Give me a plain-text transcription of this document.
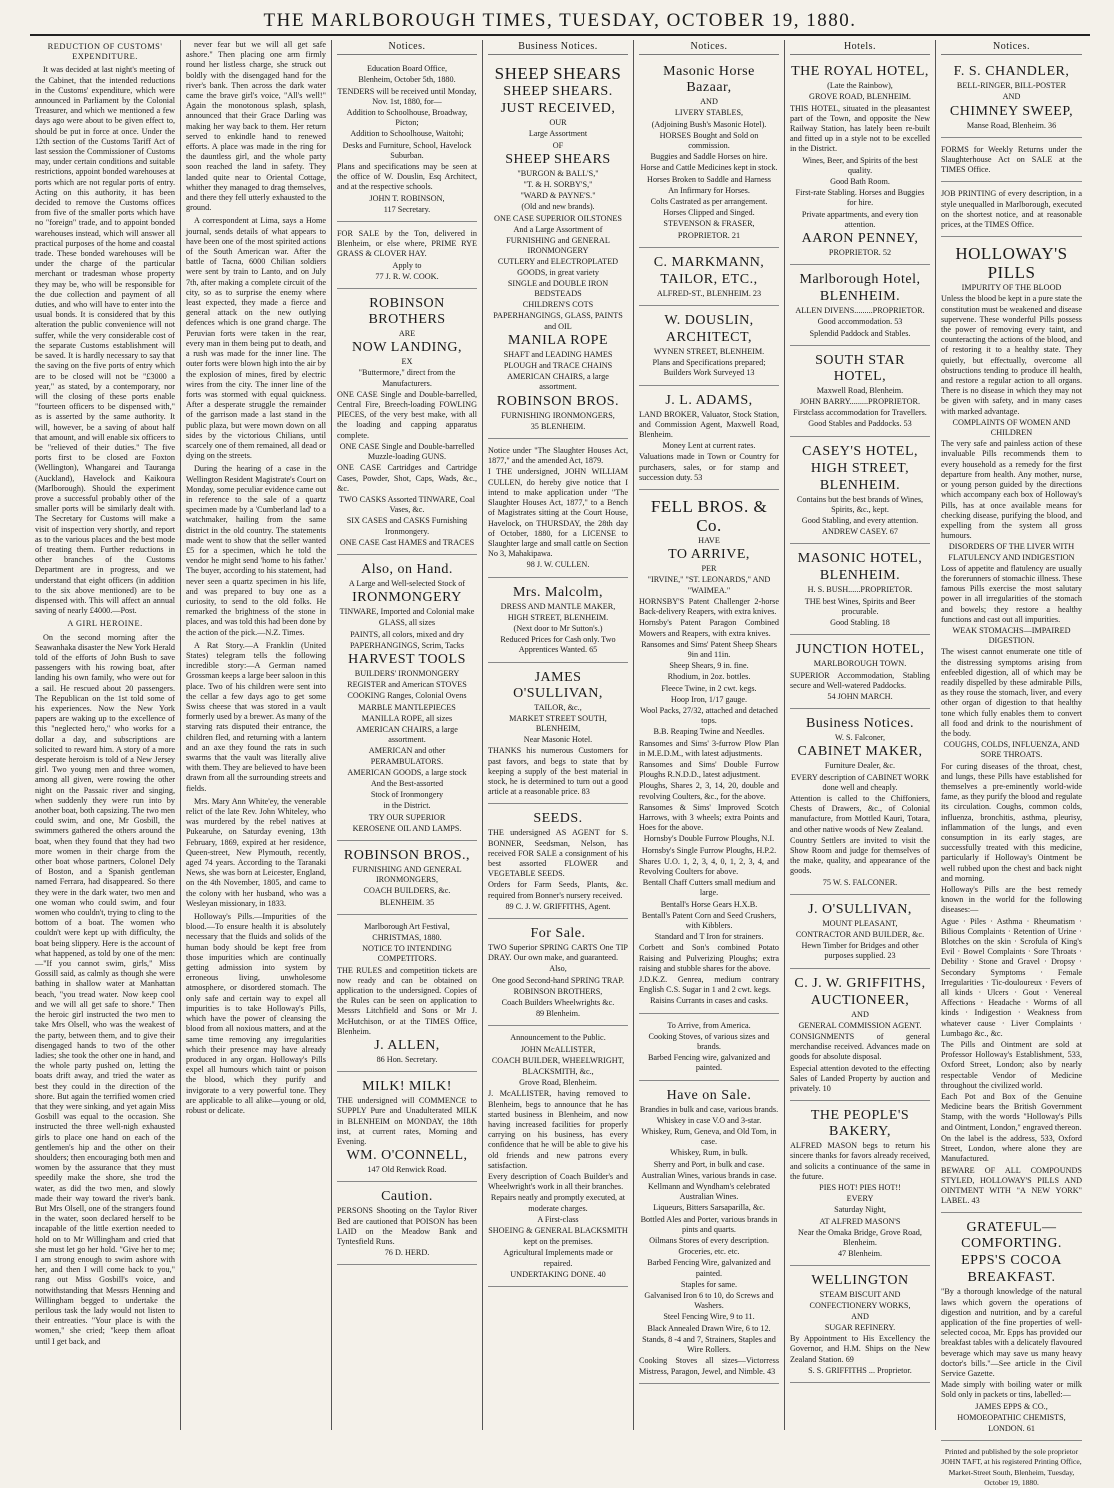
THE MARLBOROUGH TIMES, TUESDAY, OCTOBER 19, 1880.
REDUCTION OF CUSTOMS' EXPENDITURE.

It was decided at last night's meeting of the Cabinet, that the intended reductions in the Customs' expenditure, which were announced in Parliament by the Colonial Treasurer, and which we mentioned a few days ago were about to be given effect to, should be put in force at once. Under the 12th section of the Customs Tariff Act of last session the Commissioner of Customs may, under certain conditions and suitable restrictions, appoint bonded warehouses at ports which are not regular ports of entry. Acting on this authority, it has been decided to remove the Customs offices from five of the smaller ports which have no "foreign" trade, and to appoint bonded warehouses instead, which will answer all practical purposes of the home and coastal trade. These bonded warehouses will be under the charge of the particular merchant or tradesman whose property they may be, who will be responsible for the due collection and payment of all duties, and who will have to enter into the usual bonds. It is considered that by this alteration the public convenience will not suffer, while the very considerable cost of the separate Customs establishment will be saved. It is hardly necessary to say that the saving on the five ports of entry which are to be closed will not be "£3000 a year," as stated, by a contemporary, nor will the closing of these ports enable "fourteen officers to be dispensed with," as is asserted by the same authority. It will, however, be a saving of about half that amount, and will enable six officers to be "relieved of their duties." The five ports first to be closed are Foxton (Wellington), Whangarei and Tauranga (Auckland), Havelock and Kaikoura (Marlborough). Should the experiment prove a successful probably other of the smaller ports will be similarly dealt with. The Secretary for Customs will make a visit of inspection very shortly, and report as to the various places and the best mode of treating them. Further reductions in other branches of the Customs Department are in progress, and we understand that eight officers (in addition to the six above mentioned) are to be dispensed with. This will affect an annual saving of nearly £4000.—Post.

A GIRL HEROINE.

On the second morning after the Seawanhaka disaster the New York Herald told of the efforts of John Bush to save passengers with his rowing boat, after landing his own family, who were out for a sail. He rescued about 20 passengers. The Republican on the 1st told some of his experiences. Now the New York papers are waking up to the excellence of this "neglected hero," who works for a dollar a day, and subscriptions are solicited to reward him. A story of a more desperate heroism is told of a New Jersey girl. Two young men and three women, among all given, were rowing the other night on the Passaic river and singing, when suddenly they were run into by another boat, both capsizing. The two men could swim, and one, Mr Gosbill, the swimmers gathered the others around the boat, when they found that they had two more women in their charge from the other boat whose partners, Colonel Dely of Boston, and a Spanish gentleman named Ferrara, had disappeared. So there they were in the dark water, two men and one woman who could swim, and four women who couldn't, trying to cling to the bottom of a boat. The women who couldn't were kept up with difficulty, the boat being slippery. Here is the account of what happened, as told by one of the men:—"If you cannot swim, girls," Miss Gossill said, as calmly as though she were bathing in shallow water at Manhattan beach, "you tread water. Now keep cool and we will all get safe to shore." Then the heroic girl instructed the two men to take Mrs Olsell, who was the weakest of the party, between them, and to give their disengaged hands to two of the other ladies; she took the other one in hand, and the whole party pushed on, letting the boats drift away, and tried the water as best they could in the direction of the shore. But again the terrified women cried that they were sinking, and yet again Miss Gosbill was equal to the occasion. She instructed the three well-nigh exhausted girls to place one hand on each of the gentlemen's hip and the other on their shoulders; then encouraging both men and women by the assurance that they must speedily make the shore, she trod the water, as did the two men, and slowly made their way toward the river's bank. But Mrs Olsell, one of the strangers found in the water, soon declared herself to be incapable of the little exertion needed to hold on to Mr Willingham and cried that she must let go her hold. "Give her to me; I am strong enough to swim ashore with her, and then I will come back to you," rang out Miss Gosbill's voice, and notwithstanding that Messrs Henning and Willingham begged to undertake the perilous task the lady would not listen to their entreaties. "Your place is with the women," she cried; "keep them afloat until I get back, and

never fear but we will all get safe ashore." Then placing one arm firmly round her listless charge, she struck out boldly with the disengaged hand for the river's bank. Then across the dark water came the brave girl's voice, "All's well!" Again the monotonous splash, splash, announced that their Grace Darling was making her way back to them. Her return served to enkindle hand to renewed efforts. A place was made in the ring for the dauntless girl, and the whole party soon reached the land in safety. They landed quite near to Oriental Cottage, whither they managed to drag themselves, and there they fell utterly exhausted to the ground.

A correspondent at Lima, says a Home journal, sends details of what appears to have been one of the most spirited actions of the South American war. After the battle of Tacna, 6000 Chilian soldiers were sent by train to Lanto, and on July 7th, after making a complete circuit of the city, so as to surprise the enemy where least expected, they made a fierce and general attack on the new outlying defences which is one grand charge. The Peruvian forts were taken in the rear, every man in them being put to death, and a rush was made for the inner line. The outer forts were blown high into the air by the explosion of mines, fired by electric wires from the city. The inner line of the forts was stormed with equal quickness. After a desperate struggle the remainder of the garrison made a last stand in the public plaza, but were mown down on all sides by the victorious Chilians, until scarcely one of them remained, all dead or dying on the streets.

During the hearing of a case in the Wellington Resident Magistrate's Court on Monday, some peculiar evidence came out in reference to the sale of a quartz specimen made by a 'Cumberland lad' to a watchmaker, hailing from the same district in the old country. The statements made went to show that the seller wanted £5 for a specimen, which he told the vendor he might send 'home to his father.' The buyer, according to his statement, had never seen a quartz specimen in his life, and was prepared to buy one as a curiosity, to send to the old folks. He remarked the brightness of the stone in places, and was told this had been done by the action of the pick.—N.Z. Times.

A Rat Story.—A Franklin (United States) telegram tells the following incredible story:—A German named Grossman keeps a large beer saloon in this place. Two of his children were sent into the cellar a few days ago to get some Swiss cheese that was stored in a vault formerly used by a brewer. As many of the starving rats disputed their entrance, the children fled, and returning with a lantern and an axe they found the rats in such swarms that the vault was literally alive with them. They are believed to have been drawn from all the surrounding streets and fields.

Mrs. Mary Ann White'ey, the venerable relict of the late Rev. John Whiteley, who was murdered by the rebel natives at Pukearuhe, on Saturday evening, 13th February, 1869, expired at her residence, Queen-street, New Plymouth, recently, aged 74 years. According to the Taranaki News, she was born at Leicester, England, on the 4th November, 1805, and came to the colony with her husband, who was a Wesleyan missionary, in 1833.

Holloway's Pills.—Impurities of the blood.—To ensure health it is absolutely necessary that the fluids and solids of the human body should be kept free from those impurities which are continually getting admission into system by erroneous living, unwholesome atmosphere, or disordered stomach. The only safe and certain way to expel all impurities is to take Holloway's Pills, which have the power of cleansing the blood from all noxious matters, and at the same time removing any irregularities which their presence may have already produced in any organ. Holloway's Pills expel all humours which taint or poison the blood, which they purify and invigorate to a very powerful tone. They are applicable to all alike—young or old, robust or delicate.

Notices.
Education Board Office,
Blenheim, October 5th, 1880.
TENDERS will be received until Monday, Nov. 1st, 1880, for—
Addition to Schoolhouse, Broadway, Picton;
Addition to Schoolhouse, Waitohi;
Desks and Furniture, School, Havelock Suburban.
Plans and specifications may be seen at the office of W. Douslin, Esq Architect, and at the respective schools.
JOHN T. ROBINSON,
117 Secretary.
FOR SALE by the Ton, delivered in Blenheim, or else where, PRIME RYE GRASS & CLOVER HAY.
Apply to
77 J. R. W. COOK.
ROBINSON BROTHERS
ARE
NOW LANDING,
EX
"Buttermore," direct from the Manufacturers.
ONE CASE Single and Double-barrelled, Central Fire, Breech-loading FOWLING PIECES, of the very best make, with all the loading and capping apparatus complete.
ONE CASE Single and Double-barrelled Muzzle-loading GUNS.
ONE CASE Cartridges and Cartridge Cases, Powder, Shot, Caps, Wads, &c., &c.
TWO CASKS Assorted TINWARE, Coal Vases, &c.
SIX CASES and CASKS Furnishing Ironmongery.
ONE CASE Cast HAMES and TRACES
Also, on Hand.
A Large and Well-selected Stock of
IRONMONGERY
TINWARE, Imported and Colonial make
GLASS, all sizes
PAINTS, all colors, mixed and dry
PAPERHANGINGS, Scrim, Tacks
HARVEST TOOLS
BUILDERS' IRONMONGERY
REGISTER and American STOVES
COOKING Ranges, Colonial Ovens
MARBLE MANTLEPIECES
MANILLA ROPE, all sizes
AMERICAN CHAIRS, a large assortment.
AMERICAN and other PERAMBULATORS.
AMERICAN GOODS, a large stock
And the Best-assorted
Stock of Ironmongery
in the District.
TRY OUR SUPERIOR
KEROSENE OIL AND LAMPS.
ROBINSON BROS.,
FURNISHING AND GENERAL IRONMONGERS,
COACH BUILDERS, &c.
BLENHEIM. 35
Marlborough Art Festival,
CHRISTMAS, 1880.
NOTICE TO INTENDING COMPETITORS.
THE RULES and competition tickets are now ready and can be obtained on application to the undersigned. Copies of the Rules can be seen on application to Messrs Litchfield and Sons or Mr J. McHutchison, or at the TIMES Office, Blenheim.
J. ALLEN,
86 Hon. Secretary.
MILK! MILK!
THE undersigned will COMMENCE to SUPPLY Pure and Unadulterated MILK in BLENHEIM on MONDAY, the 18th inst, at current rates, Morning and Evening.
WM. O'CONNELL,
147 Old Renwick Road.
Caution.
PERSONS Shooting on the Taylor River Bed are cautioned that POISON has been LAID on the Meadow Bank and Tyntesfield Runs.
76 D. HERD.
Business Notices.
SHEEP SHEARS
SHEEP SHEARS.
JUST RECEIVED,
OUR
Large Assortment
OF
SHEEP SHEARS
"BURGON & BALL'S,"
"T. & H. SORBY'S,"
"WARD & PAYNE'S."
(Old and new brands).
ONE CASE SUPERIOR OILSTONES
And a Large Assortment of
FURNISHING and GENERAL IRONMONGERY
CUTLERY and ELECTROPLATED GOODS, in great variety
SINGLE and DOUBLE IRON BEDSTEADS
CHILDREN'S COTS
PAPERHANGINGS, GLASS, PAINTS and OIL
MANILA ROPE
SHAFT and LEADING HAMES
PLOUGH and TRACE CHAINS
AMERICAN CHAIRS, a large assortment.
ROBINSON BROS.
FURNISHING IRONMONGERS,
35 BLENHEIM.
Notice under "The Slaughter Houses Act, 1877," and the amended Act, 1879.
I THE undersigned, JOHN WILLIAM CULLEN, do hereby give notice that I intend to make application under "The Slaughter Houses Act, 1877," to a Bench of Magistrates sitting at the Court House, Havelock, on THURSDAY, the 28th day of October, 1880, for a LICENSE to Slaughter large and small cattle on Section No 3, Mahakipawa.
98 J. W. CULLEN.
Mrs. Malcolm,
DRESS AND MANTLE MAKER,
HIGH STREET, BLENHEIM.
(Next door to Mr Sutton's.)
Reduced Prices for Cash only. Two Apprentices Wanted. 65
JAMES O'SULLIVAN,
TAILOR, &c.,
MARKET STREET SOUTH, BLENHEIM,
Near Masonic Hotel.
THANKS his numerous Customers for past favors, and begs to state that by keeping a supply of the best material in stock, he is determined to turn out a good article at a reasonable price. 83
SEEDS.
THE undersigned AS AGENT for S. BONNER, Seedsman, Nelson, has received FOR SALE a consignment of his best assorted FLOWER and VEGETABLE SEEDS.
Orders for Farm Seeds, Plants, &c. required from Bonner's nursery received.
89 C. J. W. GRIFFITHS, Agent.
For Sale.
TWO Superior SPRING CARTS One TIP DRAY. Our own make, and guaranteed.
Also,
One good Second-hand SPRING TRAP.
ROBINSON BROTHERS,
Coach Builders Wheelwrights &c.
89 Blenheim.
Announcement to the Public.
JOHN McALLISTER,
COACH BUILDER, WHEELWRIGHT,
BLACKSMITH, &c.,
Grove Road, Blenheim.
J. McALLISTER, having removed to Blenheim, begs to announce that he has started business in Blenheim, and now having increased facilities for properly carrying on his business, has every confidence that he will be able to give his old friends and new patrons every satisfaction.
Every description of Coach Builder's and Wheelwright's work in all their branches.
Repairs neatly and promptly executed, at moderate charges.
A First-class
SHOEING & GENERAL BLACKSMITH
kept on the premises.
Agricultural Implements made or repaired.
UNDERTAKING DONE. 40
Notices.
Masonic Horse Bazaar,
AND
LIVERY STABLES,
(Adjoining Bush's Masonic Hotel).
HORSES Bought and Sold on commission.
Buggies and Saddle Horses on hire.
Horse and Cattle Medicines kept in stock.
Horses Broken to Saddle and Harness
An Infirmary for Horses.
Colts Castrated as per arrangement.
Horses Clipped and Singed.
STEVENSON & FRASER,
PROPRIETOR. 21
C. MARKMANN,
TAILOR, ETC.,
ALFRED-ST., BLENHEIM. 23
W. DOUSLIN,
ARCHITECT,
WYNEN STREET, BLENHEIM.
Plans and Specifications prepared; Builders Work Surveyed 13
J. L. ADAMS,
LAND BROKER, Valuator, Stock Station, and Commission Agent, Maxwell Road, Blenheim.
Money Lent at current rates.
Valuations made in Town or Country for purchasers, sales, or for stamp and succession duty. 53
FELL BROS. & Co.
HAVE
TO ARRIVE,
PER
"IRVINE," "ST. LEONARDS," AND "WAIMEA."
HORNSBY'S Patent Challenger 2-horse Back-delivery Reapers, with extra knives.
Hornsby's Patent Paragon Combined Mowers and Reapers, with extra knives.
Ransomes and Sims' Patent Sheep Shears 9in and 11in.
Sheep Shears, 9 in. fine.
Rhodium, in 2oz. bottles.
Fleece Twine, in 2 cwt. kegs.
Hoop Iron, 1/17 gauge.
Wool Packs, 27/32, attached and detached tops.
B.B. Reaping Twine and Needles.
Ransomes and Sims' 3-furrow Plow Plan in M.E.D.M., with latest adjustments.
Ransomes and Sims' Double Furrow Ploughs R.N.D.D., latest adjustment.
Ploughs, Shares 2, 3, 14, 20, double and revolving Coulters, &c., for the above.
Ransomes & Sims' Improved Scotch Harrows, with 3 wheels; extra Points and Hoes for the above.
Hornsby's Double Furrow Ploughs, N.I.
Hornsby's Single Furrow Ploughs, H.P.2.
Shares U.O. 1, 2, 3, 4, 0, 1, 2, 3, 4, and Revolving Coulters for above.
Bentall Chaff Cutters small medium and large.
Bentall's Horse Gears H.X.B.
Bentall's Patent Corn and Seed Crushers, with Kibblers.
Standard and T Iron for strainers.
Corbett and Son's combined Potato Raising and Pulverizing Ploughs; extra raising and stubble shares for the above.
J.D.K.Z. Genrea, medium contrary English C.S. Sugar in 1 and 2 cwt. kegs.
Raisins Currants in cases and casks.
To Arrive, from America.
Cooking Stoves, of various sizes and brands.
Barbed Fencing wire, galvanized and painted.
Have on Sale.
Brandies in bulk and case, various brands.
Whiskey in case V.O and 3-star.
Whiskey, Rum, Geneva, and Old Tom, in case.
Whiskey, Rum, in bulk.
Sherry and Port, in bulk and case.
Australian Wines, various brands in case.
Kellmann and Wyndham's celebrated Australian Wines.
Liqueurs, Bitters Sarsaparilla, &c.
Bottled Ales and Porter, various brands in pints and quarts.
Oilmans Stores of every description.
Groceries, etc. etc.
Barbed Fencing Wire, galvanized and painted.
Staples for same.
Galvanised Iron 6 to 10, do Screws and Washers.
Steel Fencing Wire, 9 to 11.
Black Annealed Drawn Wire, 6 to 12.
Stands, 8 -4 and 7, Strainers, Staples and Wire Rollers.
Cooking Stoves all sizes—Victorress Mistress, Paragon, Jewel, and Nimble. 43
Hotels.
THE ROYAL HOTEL,
(Late the Rainbow),
GROVE ROAD, BLENHEIM.
THIS HOTEL, situated in the pleasantest part of the Town, and opposite the New Railway Station, has lately been re-built and fitted up in a style not to be excelled in the District.
Wines, Beer, and Spirits of the best quality.
Good Bath Room.
First-rate Stabling. Horses and Buggies for hire.
Private appartments, and every tion attention.
AARON PENNEY,
PROPRIETOR. 52
Marlborough Hotel,
BLENHEIM.
ALLEN DIVENS.........PROPRIETOR.
Good accommodation. 53
Splendid Paddock and Stables.
SOUTH STAR HOTEL,
Maxwell Road, Blenheim.
JOHN BARRY.........PROPRIETOR.
Firstclass accommodation for Travellers.
Good Stables and Paddocks. 53
CASEY'S HOTEL,
HIGH STREET,
BLENHEIM.
Contains but the best brands of Wines, Spirits, &c., kept.
Good Stabling, and every attention.
ANDREW CASEY. 67
MASONIC HOTEL,
BLENHEIM.
H. S. BUSH......PROPRIETOR.
THE best Wines, Spirits and Beer procurable.
Good Stabling. 18
JUNCTION HOTEL,
MARLBOROUGH TOWN.
SUPERIOR Accommodation, Stabling secure and Well-watered Paddocks.
54 JOHN MARCH.
Business Notices.
W. S. Falconer,
CABINET MAKER,
Furniture Dealer, &c.
EVERY description of CABINET WORK done well and cheaply.
Attention is called to the Chiffoniers, Chests of Drawers, &c., of Colonial manufacture, from Mottled Kauri, Totara, and other native woods of New Zealand.
Country Settlers are invited to visit the Show Room and judge for themselves of the make, quality, and appearance of the goods.
75 W. S. FALCONER.
J. O'SULLIVAN,
MOUNT PLEASANT,
CONTRACTOR AND BUILDER, &c.
Hewn Timber for Bridges and other purposes supplied. 23
C. J. W. GRIFFITHS,
AUCTIONEER,
AND
GENERAL COMMISSION AGENT.
CONSIGNMENTS of general merchandise received. Advances made on goods for absolute disposal.
Especial attention devoted to the effecting Sales of Landed Property by auction and privately. 10
THE PEOPLE'S BAKERY,
ALFRED MASON begs to return his sincere thanks for favors already received, and solicits a continuance of the same in the future.
PIES HOT! PIES HOT!!
EVERY
Saturday Night,
AT ALFRED MASON'S
Near the Omaka Bridge, Grove Road, Blenheim.
47 Blenheim.
WELLINGTON
STEAM BISCUIT AND CONFECTIONERY WORKS,
AND
SUGAR REFINERY.
By Appointment to His Excellency the Governor, and H.M. Ships on the New Zealand Station. 69
S. S. GRIFFITHS ... Proprietor.
Notices.
F. S. CHANDLER,
BELL-RINGER, BILL-POSTER
AND
CHIMNEY SWEEP,
Manse Road, Blenheim. 36
FORMS for Weekly Returns under the Slaughterhouse Act on SALE at the TIMES Office.
JOB PRINTING of every description, in a style unequalled in Marlborough, executed on the shortest notice, and at reasonable prices, at the TIMES Office.
HOLLOWAY'S PILLS
IMPURITY OF THE BLOOD
Unless the blood be kept in a pure state the constitution must be weakened and disease supervene. These wonderful Pills possess the power of removing every taint, and counteracting the actions of the blood, and of restoring it to a healthy state. They quietly, but effectually, overcome all obstructions tending to produce ill health, and restore a regular action to all organs. There is no disease in which they may not be given with safety, and in many cases with marked advantage.
COMPLAINTS OF WOMEN AND CHILDREN
The very safe and painless action of these invaluable Pills recommends them to every household as a remedy for the first departure from health. Any mother, nurse, or young person guided by the directions which accompany each box of Holloway's Pills, has at once available means for checking disease, purifying the blood, and expelling from the system all gross humours.
DISORDERS OF THE LIVER WITH FLATULENCY AND INDIGESTION
Loss of appetite and flatulency are usually the forerunners of stomachic illness. These famous Pills exercise the most salutary power in all irregularities of the stomach and bowels; they restore a healthy functions and cast out all impurities.
WEAK STOMACHS—IMPAIRED DIGESTION.
The wisest cannot enumerate one title of the distressing symptoms arising from enfeebled digestion, all of which may be readily dispelled by these admirable Pills, as they rouse the stomach, liver, and every other organ of digestion to that healthy tone which fully enables them to convert all food and drink to the nourishment of the body.
COUGHS, COLDS, INFLUENZA, AND SORE THROATS.
For curing diseases of the throat, chest, and lungs, these Pills have established for themselves a pre-eminently world-wide fame, as they purify the blood and regulate its circulation. Coughs, common colds, influenza, bronchitis, asthma, pleurisy, inflammation of the lungs, and even consumption in its early stages, are successfully treated with this medicine, particularly if Holloway's Ointment be well rubbed upon the chest and back night and morning.
Holloway's Pills are the best remedy known in the world for the following diseases:—
Ague · Piles · Asthma · Rheumatism · Bilious Complaints · Retention of Urine · Blotches on the skin · Scrofula of King's Evil · Bowel Complaints · Sore Throats · Debility · Stone and Gravel · Dropsy · Secondary Symptoms · Female Irregularities · Tic-douloureux · Fevers of all kinds · Ulcers · Gout · Venereal Affections · Headache · Worms of all kinds · Indigestion · Weakness from whatever cause · Liver Complaints · Lumbago &c., &c.
The Pills and Ointment are sold at Professor Holloway's Establishment, 533, Oxford Street, London; also by nearly respectable Vendor of Medicine throughout the civilized world.
Each Pot and Box of the Genuine Medicine bears the British Government Stamp, with the words "Holloway's Pills and Ointment, London," engraved thereon.
On the label is the address, 533, Oxford Street, London, where alone they are Manufactured.
BEWARE OF ALL COMPOUNDS STYLED, HOLLOWAY'S PILLS AND OINTMENT WITH "A NEW YORK" LABEL. 43
GRATEFUL—COMFORTING.
EPPS'S COCOA
BREAKFAST.
"By a thorough knowledge of the natural laws which govern the operations of digestion and nutrition, and by a careful application of the fine properties of well-selected cocoa, Mr. Epps has provided our breakfast tables with a delicately flavoured beverage which may save us many heavy doctor's bills."—See article in the Civil Service Gazette.
Made simply with boiling water or milk Sold only in packets or tins, labelled:—
JAMES EPPS & CO.,
HOMOEOPATHIC CHEMISTS,
LONDON. 61
Printed and published by the sole proprietor JOHN TAFT, at his registered Printing Office, Market-Street South, Blenheim, Tuesday, October 19, 1880.
